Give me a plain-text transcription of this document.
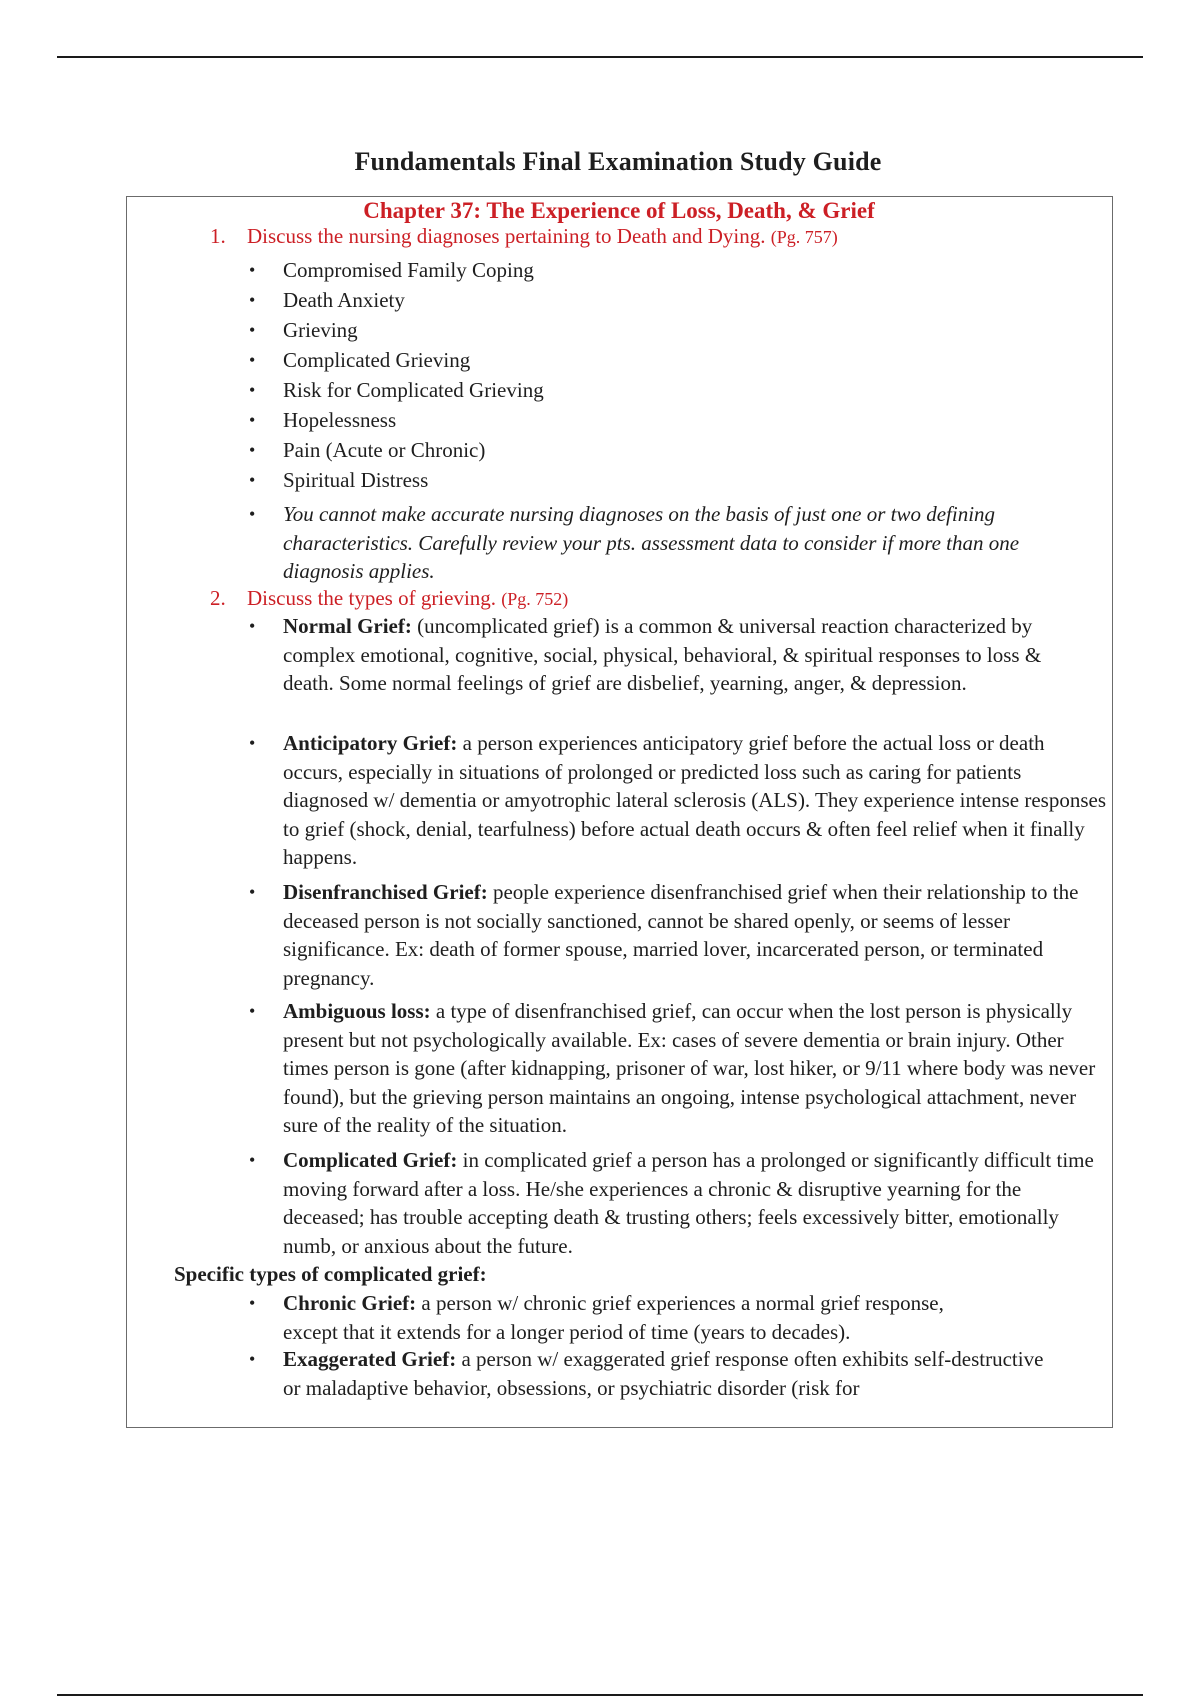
Fundamentals Final Examination Study Guide
Chapter 37: The Experience of Loss, Death, & Grief
1. Discuss the nursing diagnoses pertaining to Death and Dying. (Pg. 757)
• Compromised Family Coping
• Death Anxiety
• Grieving
• Complicated Grieving
• Risk for Complicated Grieving
• Hopelessness
• Pain (Acute or Chronic)
• Spiritual Distress
• You cannot make accurate nursing diagnoses on the basis of just one or two defining characteristics. Carefully review your pts. assessment data to consider if more than one diagnosis applies.
2. Discuss the types of grieving. (Pg. 752)
• Normal Grief: (uncomplicated grief) is a common & universal reaction characterized by complex emotional, cognitive, social, physical, behavioral, & spiritual responses to loss & death. Some normal feelings of grief are disbelief, yearning, anger, & depression.
• Anticipatory Grief: a person experiences anticipatory grief before the actual loss or death occurs, especially in situations of prolonged or predicted loss such as caring for patients diagnosed w/ dementia or amyotrophic lateral sclerosis (ALS). They experience intense responses to grief (shock, denial, tearfulness) before actual death occurs & often feel relief when it finally happens.
• Disenfranchised Grief: people experience disenfranchised grief when their relationship to the deceased person is not socially sanctioned, cannot be shared openly, or seems of lesser significance. Ex: death of former spouse, married lover, incarcerated person, or terminated pregnancy.
• Ambiguous loss: a type of disenfranchised grief, can occur when the lost person is physically present but not psychologically available. Ex: cases of severe dementia or brain injury. Other times person is gone (after kidnapping, prisoner of war, lost hiker, or 9/11 where body was never found), but the grieving person maintains an ongoing, intense psychological attachment, never sure of the reality of the situation.
• Complicated Grief: in complicated grief a person has a prolonged or significantly difficult time moving forward after a loss. He/she experiences a chronic & disruptive yearning for the deceased; has trouble accepting death & trusting others; feels excessively bitter, emotionally numb, or anxious about the future.
Specific types of complicated grief:
• Chronic Grief: a person w/ chronic grief experiences a normal grief response, except that it extends for a longer period of time (years to decades).
• Exaggerated Grief: a person w/ exaggerated grief response often exhibits self-destructive or maladaptive behavior, obsessions, or psychiatric disorder (risk for
